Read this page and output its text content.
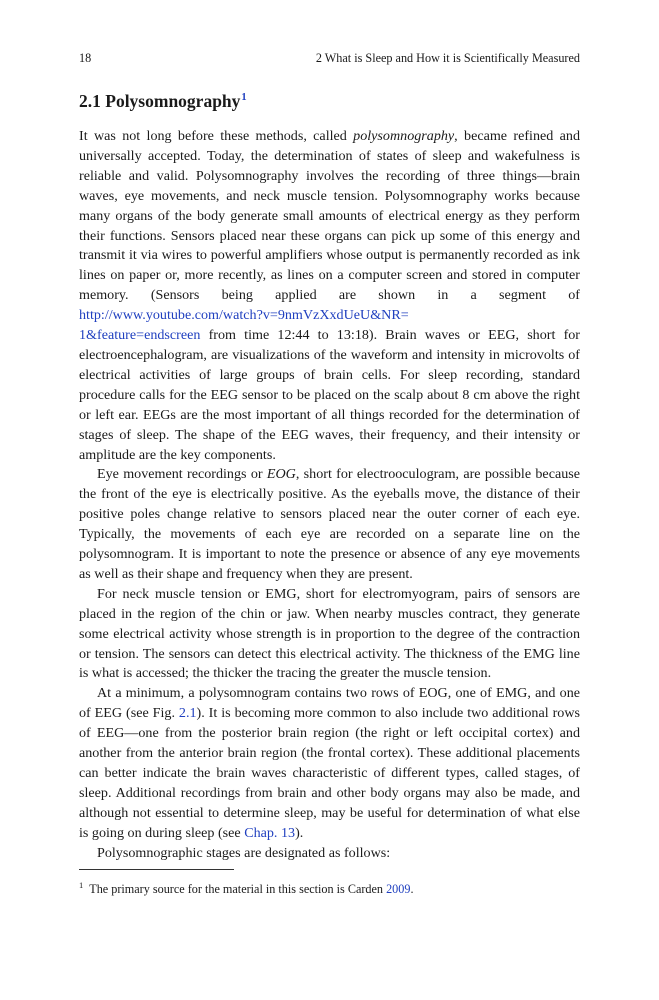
18	2 What is Sleep and How it is Scientifically Measured
2.1 Polysomnography$^1$

It was not long before these methods, called polysomnography, became refined and universally accepted. Today, the determination of states of sleep and wakefulness is reliable and valid. Polysomnography involves the recording of three things—brain waves, eye movements, and neck muscle tension. Polysomnography works because many organs of the body generate small amounts of electrical energy as they perform their functions. Sensors placed near these organs can pick up some of this energy and transmit it via wires to powerful amplifiers whose output is permanently recorded as ink lines on paper or, more recently, as lines on a computer screen and stored in computer memory. (Sensors being applied are shown in a segment of http://www.youtube.com/watch?v=9nmVzXxdUeU&NR=
1&feature=endscreen from time 12:44 to 13:18). Brain waves or EEG, short for electroencephalogram, are visualizations of the waveform and intensity in microvolts of electrical activities of large groups of brain cells. For sleep recording, standard procedure calls for the EEG sensor to be placed on the scalp about 8 cm above the right or left ear. EEGs are the most important of all things recorded for the determination of stages of sleep. The shape of the EEG waves, their frequency, and their intensity or amplitude are the key components.

Eye movement recordings or EOG, short for electrooculogram, are possible because the front of the eye is electrically positive. As the eyeballs move, the distance of their positive poles change relative to sensors placed near the outer corner of each eye. Typically, the movements of each eye are recorded on a separate line on the polysomnogram. It is important to note the presence or absence of any eye movements as well as their shape and frequency when they are present.

For neck muscle tension or EMG, short for electromyogram, pairs of sensors are placed in the region of the chin or jaw. When nearby muscles contract, they generate some electrical activity whose strength is in proportion to the degree of the contraction or tension. The sensors can detect this electrical activity. The thickness of the EMG line is what is accessed; the thicker the tracing the greater the muscle tension.

At a minimum, a polysomnogram contains two rows of EOG, one of EMG, and one of EEG (see Fig. 2.1). It is becoming more common to also include two additional rows of EEG—one from the posterior brain region (the right or left occipital cortex) and another from the anterior brain region (the frontal cortex). These additional placements can better indicate the brain waves characteristic of different types, called stages, of sleep. Additional recordings from brain and other body organs may also be made, and although not essential to determine sleep, may be useful for determination of what else is going on during sleep (see Chap. 13).

Polysomnographic stages are designated as follows:

$^1$ The primary source for the material in this section is Carden 2009.
